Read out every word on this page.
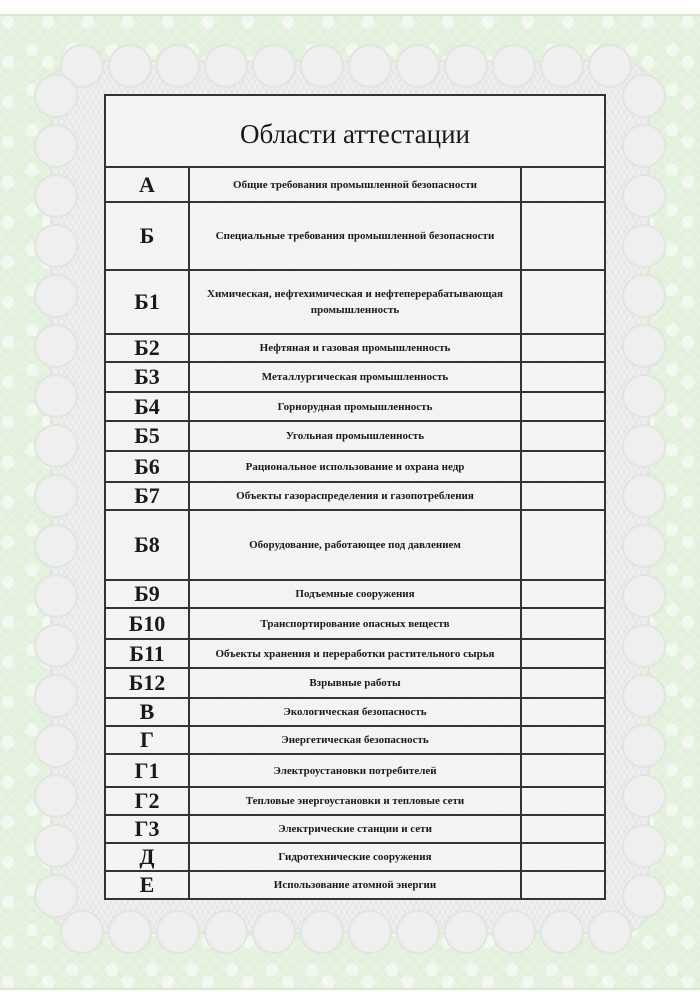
Области аттестации		
А	Общие требования промышленной безопасности	
Б	Специальные требования промышленной безопасности	
Б1	Химическая, нефтехимическая и нефтеперерабатывающая промышленность	
Б2	Нефтяная и газовая промышленность	
Б3	Металлургическая промышленность	
Б4	Горнорудная промышленность	
Б5	Угольная промышленность	
Б6	Рациональное использование и охрана недр	
Б7	Объекты газораспределения и газопотребления	
Б8	Оборудование, работающее под давлением	
Б9	Подъемные сооружения	
Б10	Транспортирование опасных веществ	
Б11	Объекты хранения и переработки растительного сырья	
Б12	Взрывные работы	
В	Экологическая безопасность	
Г	Энергетическая безопасность	
Г1	Электроустановки потребителей	
Г2	Тепловые энергоустановки и тепловые сети	
Г3	Электрические станции и сети	
Д	Гидротехнические сооружения	
Е	Использование атомной энергии	
